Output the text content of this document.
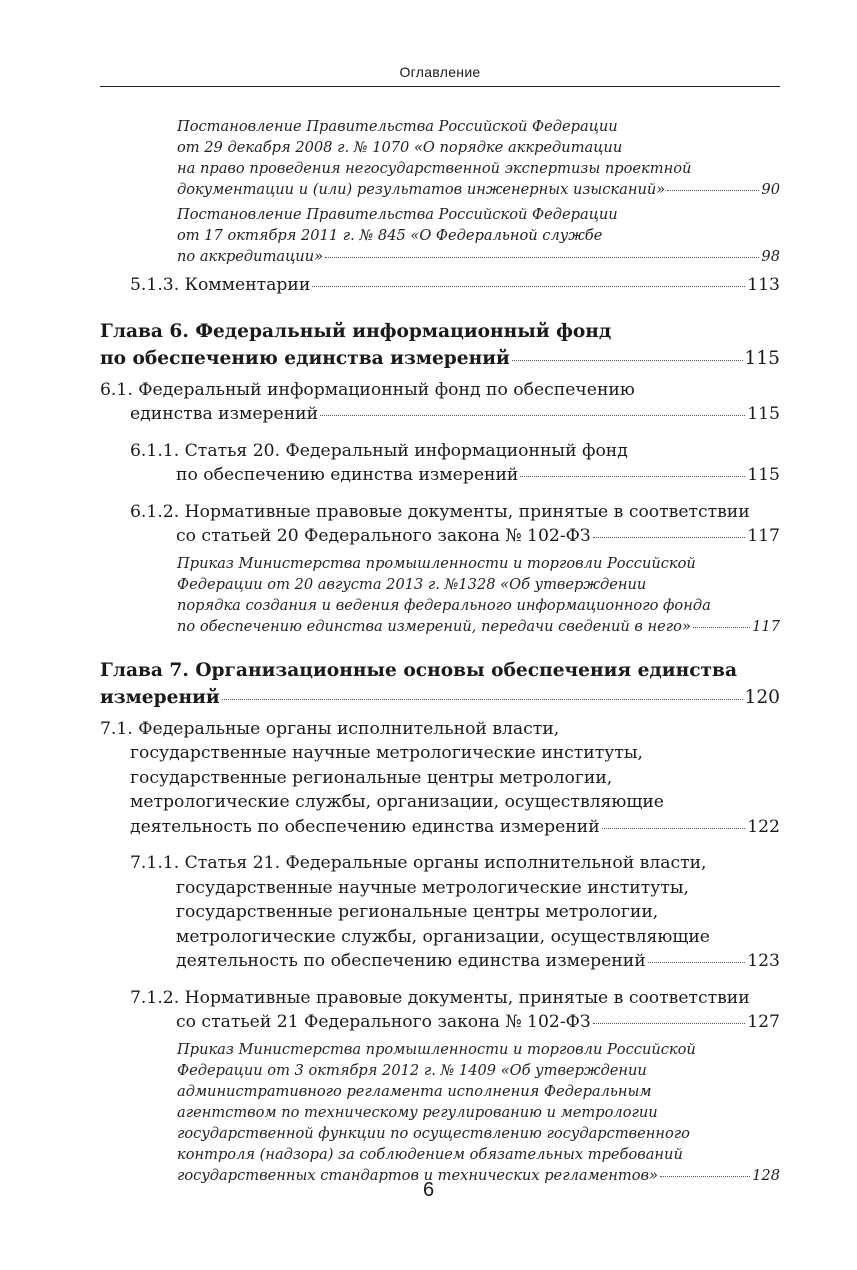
Оглавление
Постановление Правительства Российской Федерации
от 29 декабря 2008 г. № 1070 «О порядке аккредитации
на право проведения негосударственной экспертизы проектной
документации и (или) результатов инженерных изысканий»	90
Постановление Правительства Российской Федерации
от 17 октября 2011 г. № 845 «О Федеральной службе
по аккредитации»	98
5.1.3. Комментарии	113
Глава 6. Федеральный информационный фонд
по обеспечению единства измерений	115
6.1. Федеральный информационный фонд по обеспечению
единства измерений	115
6.1.1. Статья 20. Федеральный информационный фонд
по обеспечению единства измерений	115
6.1.2. Нормативные правовые документы, принятые в соответствии
со статьей 20 Федерального закона № 102-ФЗ	117
Приказ Министерства промышленности и торговли Российской
Федерации от 20 августа 2013 г. №1328 «Об утверждении
порядка создания и ведения федерального информационного фонда
по обеспечению единства измерений, передачи сведений в него»	117
Глава 7. Организационные основы обеспечения единства
измерений	120
7.1. Федеральные органы исполнительной власти,
государственные научные метрологические институты,
государственные региональные центры метрологии,
метрологические службы, организации, осуществляющие
деятельность по обеспечению единства измерений	122
7.1.1. Статья 21. Федеральные органы исполнительной власти,
государственные научные метрологические институты,
государственные региональные центры метрологии,
метрологические службы, организации, осуществляющие
деятельность по обеспечению единства измерений	123
7.1.2. Нормативные правовые документы, принятые в соответствии
со статьей 21 Федерального закона № 102-ФЗ	127
Приказ Министерства промышленности и торговли Российской
Федерации от 3 октября 2012 г. № 1409 «Об утверждении
административного регламента исполнения Федеральным
агентством по техническому регулированию и метрологии
государственной функции по осуществлению государственного
контроля (надзора) за соблюдением обязательных требований
государственных стандартов и технических регламентов»	128
6
